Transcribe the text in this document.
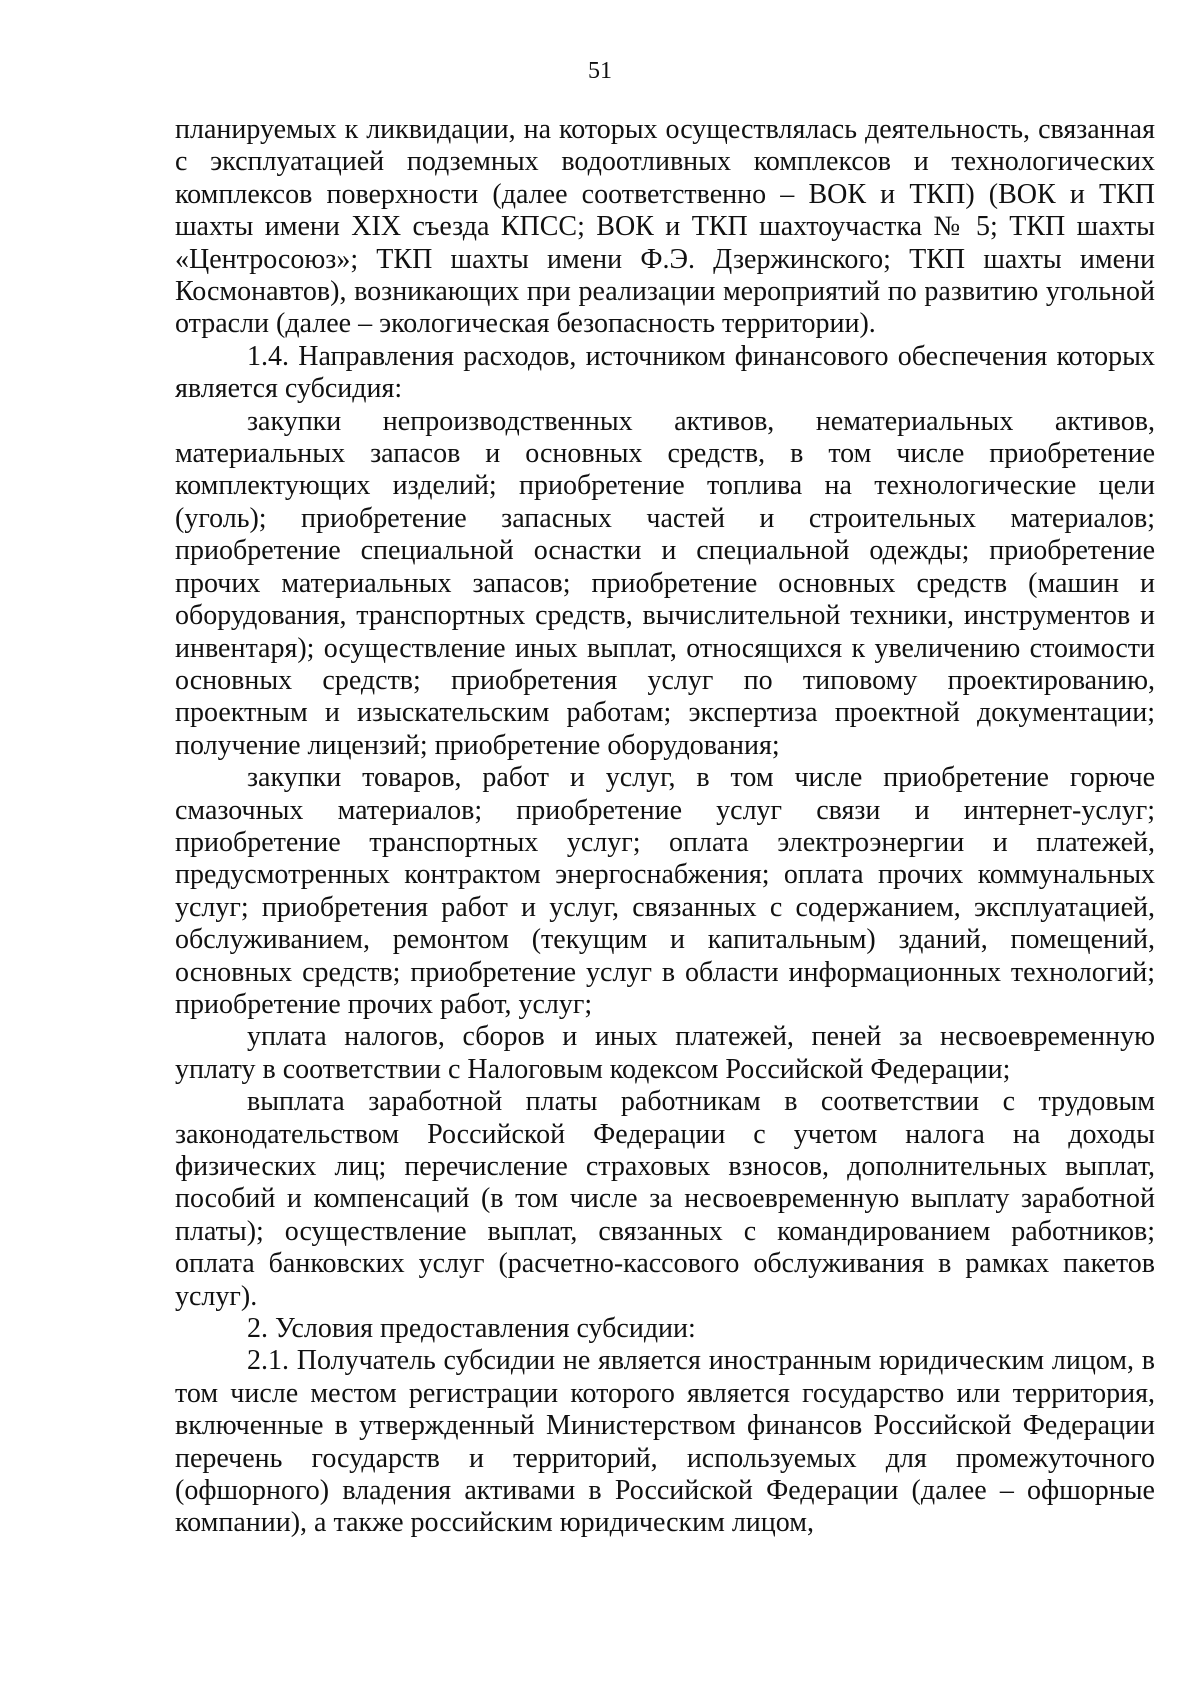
51

планируемых к ликвидации, на которых осуществлялась деятельность, связанная с эксплуатацией подземных водоотливных комплексов и технологических комплексов поверхности (далее соответственно – ВОК и ТКП) (ВОК и ТКП шахты имени XIX съезда КПСС; ВОК и ТКП шахтоучастка № 5; ТКП шахты «Центросоюз»; ТКП шахты имени Ф.Э. Дзержинского; ТКП шахты имени Космонавтов), возникающих при реализации мероприятий по развитию угольной отрасли (далее – экологическая безопасность территории).

1.4. Направления расходов, источником финансового обеспечения которых является субсидия:

закупки непроизводственных активов, нематериальных активов, материальных запасов и основных средств, в том числе приобретение комплектующих изделий; приобретение топлива на технологические цели (уголь); приобретение запасных частей и строительных материалов; приобретение специальной оснастки и специальной одежды; приобретение прочих материальных запасов; приобретение основных средств (машин и оборудования, транспортных средств, вычислительной техники, инструментов и инвентаря); осуществление иных выплат, относящихся к увеличению стоимости основных средств; приобретения услуг по типовому проектированию, проектным и изыскательским работам; экспертиза проектной документации; получение лицензий; приобретение оборудования;

закупки товаров, работ и услуг, в том числе приобретение горюче смазочных материалов; приобретение услуг связи и интернет-услуг; приобретение транспортных услуг; оплата электроэнергии и платежей, предусмотренных контрактом энергоснабжения; оплата прочих коммунальных услуг; приобретения работ и услуг, связанных с содержанием, эксплуатацией, обслуживанием, ремонтом (текущим и капитальным) зданий, помещений, основных средств; приобретение услуг в области информационных технологий; приобретение прочих работ, услуг;

уплата налогов, сборов и иных платежей, пеней за несвоевременную уплату в соответствии с Налоговым кодексом Российской Федерации;

выплата заработной платы работникам в соответствии с трудовым законодательством Российской Федерации с учетом налога на доходы физических лиц; перечисление страховых взносов, дополнительных выплат, пособий и компенсаций (в том числе за несвоевременную выплату заработной платы); осуществление выплат, связанных с командированием работников; оплата банковских услуг (расчетно-кассового обслуживания в рамках пакетов услуг).

2. Условия предоставления субсидии:

2.1. Получатель субсидии не является иностранным юридическим лицом, в том числе местом регистрации которого является государство или территория, включенные в утвержденный Министерством финансов Российской Федерации перечень государств и территорий, используемых для промежуточного (офшорного) владения активами в Российской Федерации (далее – офшорные компании), а также российским юридическим лицом,
